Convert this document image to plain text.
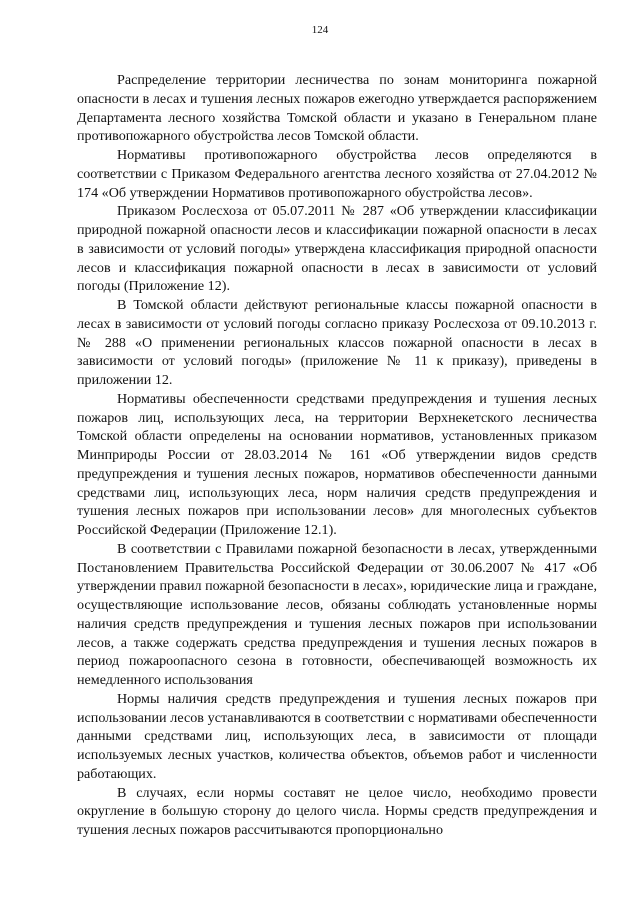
124

Распределение территории лесничества по зонам мониторинга пожарной опасности в лесах и тушения лесных пожаров ежегодно утверждается распоряжением Департамента лесного хозяйства Томской области и указано в Генеральном плане противопожарного обустройства лесов Томской области.

Нормативы противопожарного обустройства лесов определяются в соответствии с Приказом Федерального агентства лесного хозяйства от 27.04.2012 № 174 «Об утверждении Нормативов противопожарного обустройства лесов».

Приказом Рослесхоза от 05.07.2011 № 287 «Об утверждении классификации природной пожарной опасности лесов и классификации пожарной опасности в лесах в зависимости от условий погоды» утверждена классификация природной опасности лесов и классификация пожарной опасности в лесах в зависимости от условий погоды (Приложение 12).

В Томской области действуют региональные классы пожарной опасности в лесах в зависимости от условий погоды согласно приказу Рослесхоза от 09.10.2013 г. № 288 «О применении региональных классов пожарной опасности в лесах в зависимости от условий погоды» (приложение № 11 к приказу), приведены в приложении 12.

Нормативы обеспеченности средствами предупреждения и тушения лесных пожаров лиц, использующих леса, на территории Верхнекетского лесничества Томской области определены на основании нормативов, установленных приказом Минприроды России от 28.03.2014 № 161 «Об утверждении видов средств предупреждения и тушения лесных пожаров, нормативов обеспеченности данными средствами лиц, использующих леса, норм наличия средств предупреждения и тушения лесных пожаров при использовании лесов» для многолесных субъектов Российской Федерации (Приложение 12.1).

В соответствии с Правилами пожарной безопасности в лесах, утвержденными Постановлением Правительства Российской Федерации от 30.06.2007 № 417 «Об утверждении правил пожарной безопасности в лесах», юридические лица и граждане, осуществляющие использование лесов, обязаны соблюдать установленные нормы наличия средств предупреждения и тушения лесных пожаров при использовании лесов, а также содержать средства предупреждения и тушения лесных пожаров в период пожароопасного сезона в готовности, обеспечивающей возможность их немедленного использования

Нормы наличия средств предупреждения и тушения лесных пожаров при использовании лесов устанавливаются в соответствии с нормативами обеспеченности данными средствами лиц, использующих леса, в зависимости от площади используемых лесных участков, количества объектов, объемов работ и численности работающих.

В случаях, если нормы составят не целое число, необходимо провести округление в большую сторону до целого числа. Нормы средств предупреждения и тушения лесных пожаров рассчитываются пропорционально
